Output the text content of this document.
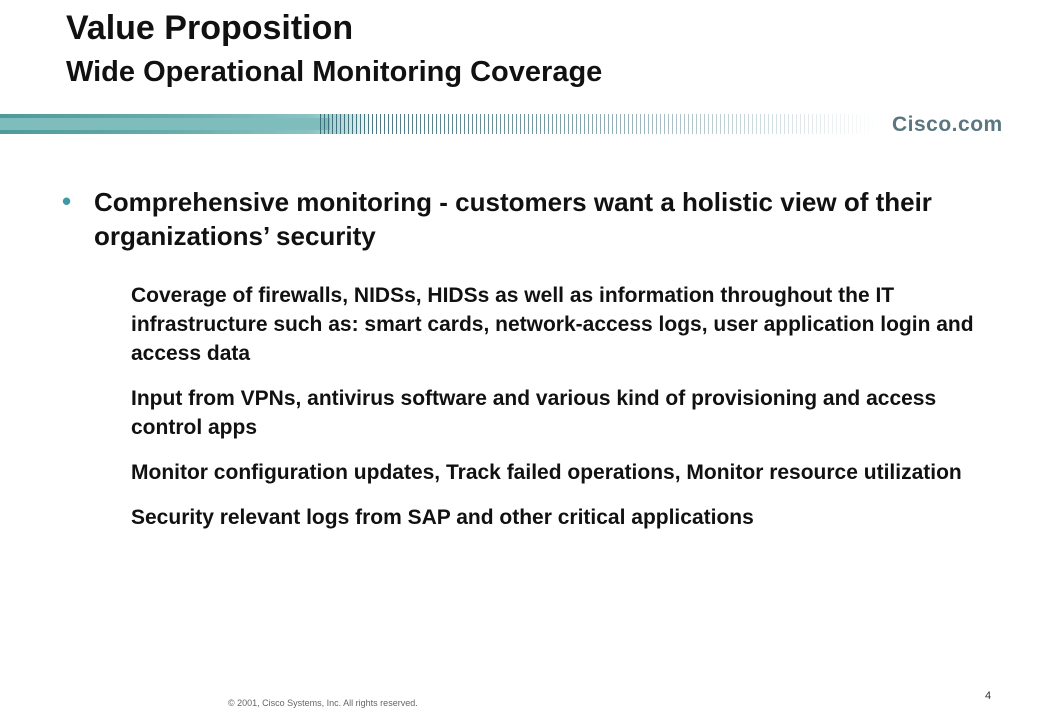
Value Proposition
Wide Operational Monitoring Coverage
Cisco.com
• Comprehensive monitoring - customers want a holistic view of their organizations’ security
Coverage of firewalls, NIDSs, HIDSs as well as information throughout the IT infrastructure such as: smart cards, network-access logs, user application login and access data
Input from VPNs, antivirus software and various kind of provisioning and access control apps
Monitor configuration updates, Track failed operations, Monitor resource utilization
Security relevant logs from SAP and other critical applications
© 2001, Cisco Systems, Inc. All rights reserved.
4
